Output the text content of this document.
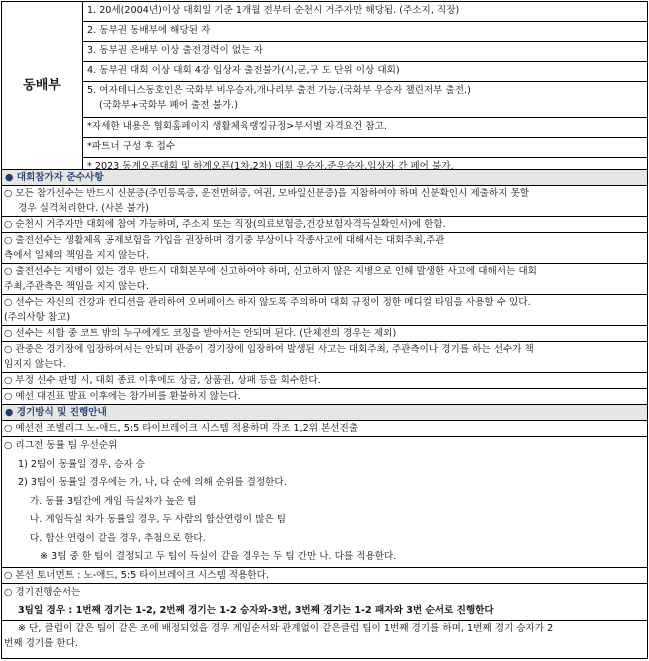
동배부
1. 20세(2004년)이상 대회일 기준 1개월 전부터 순천시 거주자만 해당됨. (주소지, 직장)
2. 동부권 동배부에 해당된 자
3. 동부권 은배부 이상 출전경력이 없는 자
4. 동부권 대회 이상 대회 4강 입상자 출전불가(시,군,구 도 단위 이상 대회)
5. 여자테니스동호인은 국화부 비우승자,개나리부 출전 가능.(국화부 우승자 챌린저부 출전.)
(국화부+국화부 폐어 출전 불가.)
*자세한 내용은 협회홈페이지 생활체육랭킹규정>부서별 자격요건 참고.
*파트너 구성 후 접수
* 2023 동계오픈대회 및 하계오픈(1차,2차) 대회 우승자,준우승자,입상자 간 페어 불가.
● 대회참가자 준수사항

○ 모든 참가선수는 반드시 신분증(주민등록증, 운전면허증, 여권, 모바일신분증)을 지참하여야 하며 신분확인시 제출하지 못할

경우 실격처리한다. (사본 불가)

○ 순천시 거주자만 대회에 참여 가능하며, 주소지 또는 직장(의료보험증,건강보험자격득실확인서)에 한함.

○ 출전선수는 생활체육 공제보험을 가입을 권장하며 경기중 부상이나 각종사고에 대해서는 대회주최,주관

측에서 일체의 책임을 지지 않는다.

○ 출전선수는 지병이 있는 경우 반드시 대회본부에 신고하여야 하며, 신고하지 않은 지병으로 인해 발생한 사고에 대해서는 대회

주최,주관측은 책임을 지지 않는다.

○ 선수는 자신의 건강과 컨디션을 관리하여 오버페이스 하지 않도록 주의하며 대회 규정이 정한 메디컬 타임을 사용할 수 있다.

(주의사항 참고)

○ 선수는 시합 중 코트 밖의 누구에게도 코칭을 받아서는 안되며 된다. (단체전의 경우는 제외)

○ 관중은 경기장에 입장하여서는 안되며 관중이 경기장에 입장하여 발생된 사고는 대회주최, 주관측이나 경기를 하는 선수가 책

임지지 않는다.

○ 부정 선수 판명 시, 대회 종료 이후에도 상금, 상품권, 상패 등을 회수한다.

○ 예선 대진표 발표 이후에는 참가비를 환불하지 않는다.

● 경기방식 및 진행안내

○ 예선전 조별리그 노-애드, 5:5 타이브레이크 시스템 적용하며 각조 1,2위 본선진출

○ 리그전 동률 팀 우선순위

1) 2팀이 동률일 경우, 승자 승

2) 3팀이 동률일 경우에는 가, 나, 다 순에 의해 순위를 결정한다.

가. 동률 3팀간에 게임 득실차가 높은 팀

나. 게임득실 차가 동률일 경우, 두 사람의 합산연령이 많은 팀

다. 합산 연령이 같을 경우, 추첨으로 한다.

※ 3팀 중 한 팀이 결정되고 두 팀이 득실이 같을 경우는 두 팀 간만 나. 다를 적용한다.

○ 본선 토너먼트 : 노-애드, 5:5 타이브레이크 시스템 적용한다.

○ 경기진행순서는

3팀일 경우 : 1번째 경기는 1-2, 2번째 경기는 1-2 승자와-3번, 3번째 경기는 1-2 패자와 3번 순서로 진행한다

※ 단, 클럽이 같은 팀이 같은 조에 배정되었을 경우 게임순서와 관계없이 같은클럽 팀이 1번째 경기를 하며, 1번째 경기 승자가 2

번째 경기를 한다.
